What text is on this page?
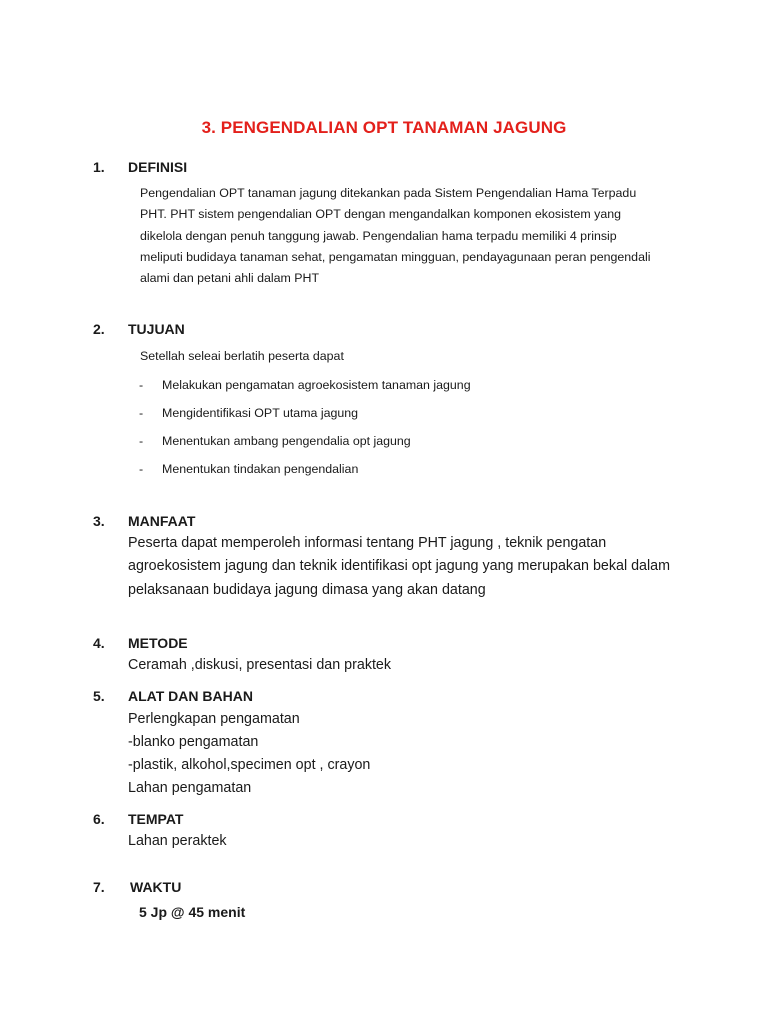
3. PENGENDALIAN OPT TANAMAN JAGUNG
1. DEFINISI

Pengendalian OPT tanaman jagung ditekankan pada Sistem Pengendalian Hama Terpadu

PHT. PHT sistem pengendalian OPT dengan mengandalkan komponen ekosistem yang

dikelola dengan penuh tanggung jawab. Pengendalian hama terpadu memiliki 4 prinsip

meliputi budidaya tanaman sehat, pengamatan mingguan, pendayagunaan peran pengendali

alami dan petani ahli dalam PHT

2. TUJUAN
Setellah seleai berlatih peserta dapat
- Melakukan pengamatan agroekosistem tanaman jagung
- Mengidentifikasi OPT utama jagung
- Menentukan ambang pengendalia opt jagung
- Menentukan tindakan pengendalian
3. MANFAAT

Peserta dapat memperoleh informasi tentang PHT jagung , teknik pengatan

agroekosistem jagung dan teknik identifikasi opt jagung yang merupakan bekal dalam

pelaksanaan budidaya jagung dimasa yang akan datang

4. METODE
Ceramah ,diskusi, presentasi dan praktek
5. ALAT DAN BAHAN
Perlengkapan pengamatan
-blanko pengamatan
-plastik, alkohol,specimen opt , crayon
Lahan pengamatan
6. TEMPAT
Lahan peraktek
7. WAKTU
5 Jp @ 45 menit
